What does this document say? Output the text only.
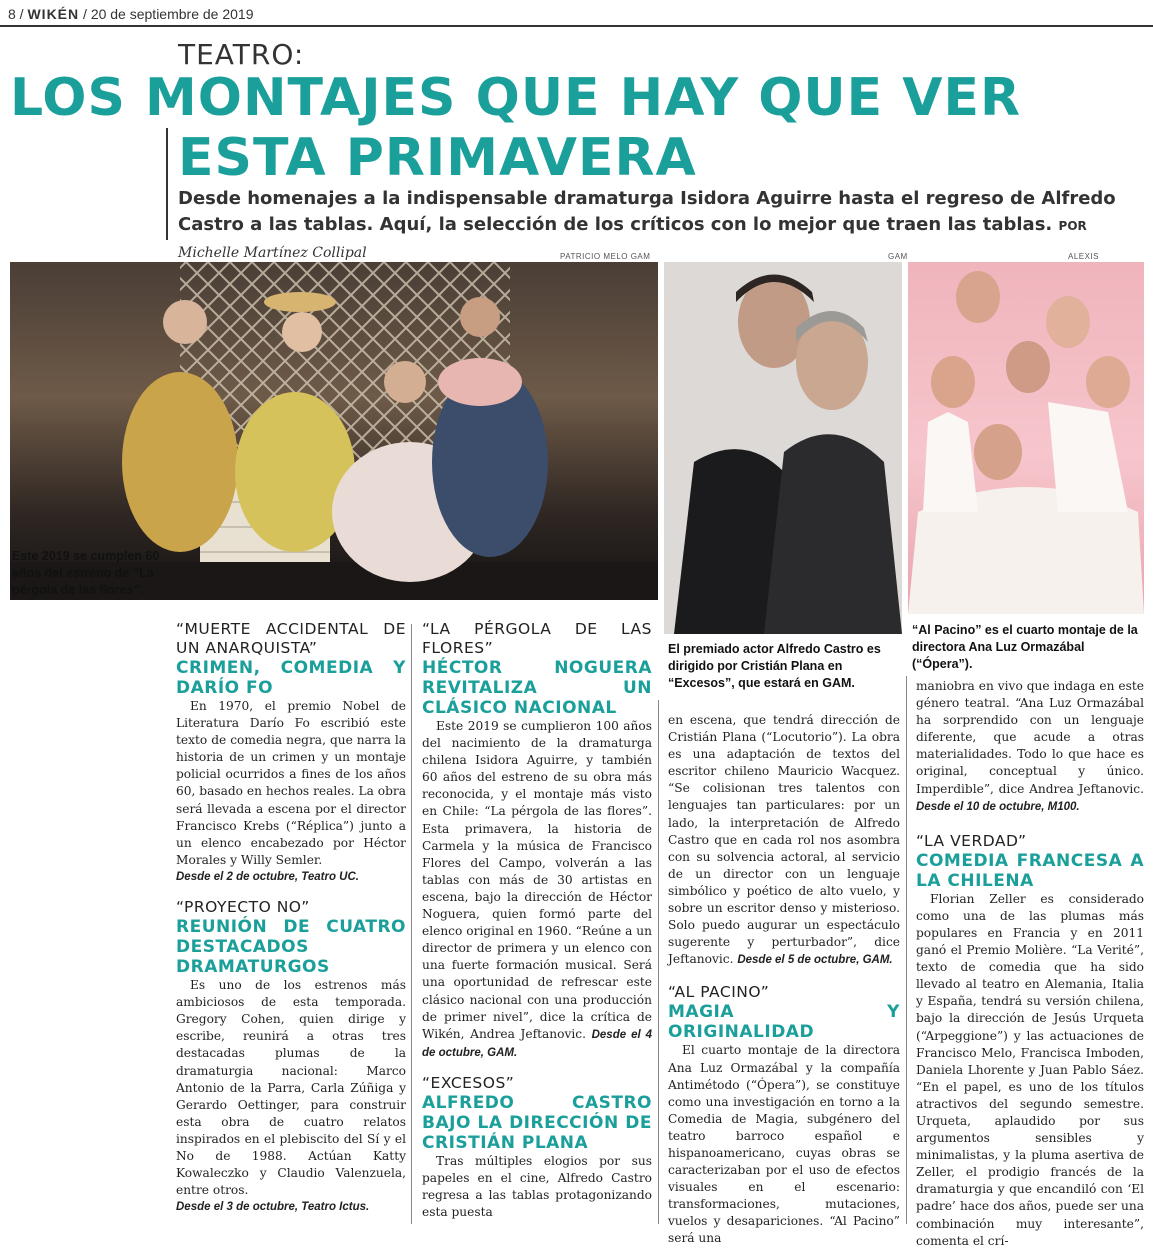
8 / WIKÉN / 20 de septiembre de 2019
TEATRO:
LOS MONTAJES QUE HAY QUE VER
ESTA PRIMAVERA
Desde homenajes a la indispensable dramaturga Isidora Aguirre hasta el regreso de Alfredo Castro a las tablas. Aquí, la selección de los críticos con lo mejor que traen las tablas. POR Michelle Martínez Collipal	PATRICIO MELO GAM	GAM	ALEXIS
Este 2019 se cumplen 60 años del estreno de “La pérgola de las flores”.
El premiado actor Alfredo Castro es dirigido por Cristián Plana en “Excesos”, que estará en GAM.
“Al Pacino” es el cuarto montaje de la directora Ana Luz Ormazábal (“Ópera”).

“MUERTE ACCIDENTAL DE UN ANARQUISTA”

CRIMEN, COMEDIA Y DARÍO FO

En 1970, el premio Nobel de Literatura Darío Fo escribió este texto de comedia negra, que narra la historia de un crimen y un montaje policial ocurridos a fines de los años 60, basado en hechos reales. La obra será llevada a escena por el director Francisco Krebs (“Réplica”) junto a un elenco encabezado por Héctor Morales y Willy Semler.

Desde el 2 de octubre, Teatro UC.

“PROYECTO NO”

REUNIÓN DE CUATRO DESTACADOS DRAMATURGOS

Es uno de los estrenos más ambiciosos de esta temporada. Gregory Cohen, quien dirige y escribe, reunirá a otras tres destacadas plumas de la dramaturgia nacional: Marco Antonio de la Parra, Carla Zúñiga y Gerardo Oettinger, para construir esta obra de cuatro relatos inspirados en el plebiscito del Sí y el No de 1988. Actúan Katty Kowaleczko y Claudio Valenzuela, entre otros.

Desde el 3 de octubre, Teatro Ictus.

“LA PÉRGOLA DE LAS FLORES”

HÉCTOR NOGUERA REVITALIZA UN CLÁSICO NACIONAL

Este 2019 se cumplieron 100 años del nacimiento de la dramaturga chilena Isidora Aguirre, y también 60 años del estreno de su obra más reconocida, y el montaje más visto en Chile: “La pérgola de las flores”. Esta primavera, la historia de Carmela y la música de Francisco Flores del Campo, volverán a las tablas con más de 30 artistas en escena, bajo la dirección de Héctor Noguera, quien formó parte del elenco original en 1960. “Reúne a un director de primera y un elenco con una fuerte formación musical. Será una oportunidad de refrescar este clásico nacional con una producción de primer nivel”, dice la crítica de Wikén, Andrea Jeftanovic. Desde el 4 de octubre, GAM.

“EXCESOS”

ALFREDO CASTRO BAJO LA DIRECCIÓN DE CRISTIÁN PLANA

Tras múltiples elogios por sus papeles en el cine, Alfredo Castro regresa a las tablas protagonizando esta puesta

en escena, que tendrá dirección de Cristián Plana (“Locutorio”). La obra es una adaptación de textos del escritor chileno Mauricio Wacquez. “Se colisionan tres talentos con lenguajes tan particulares: por un lado, la interpretación de Alfredo Castro que en cada rol nos asombra con su solvencia actoral, al servicio de un director con un lenguaje simbólico y poético de alto vuelo, y sobre un escritor denso y misterioso. Solo puedo augurar un espectáculo sugerente y perturbador”, dice Jeftanovic. Desde el 5 de octubre, GAM.

“AL PACINO”

MAGIA Y ORIGINALIDAD

El cuarto montaje de la directora Ana Luz Ormazábal y la compañía Antimétodo (“Ópera”), se constituye como una investigación en torno a la Comedia de Magia, subgénero del teatro barroco español e hispanoamericano, cuyas obras se caracterizaban por el uso de efectos visuales en el escenario: transformaciones, mutaciones, vuelos y desapariciones. “Al Pacino” será una

maniobra en vivo que indaga en este género teatral. “Ana Luz Ormazábal ha sorprendido con un lenguaje diferente, que acude a otras materialidades. Todo lo que hace es original, conceptual y único. Imperdible”, dice Andrea Jeftanovic. Desde el 10 de octubre, M100.

“LA VERDAD”

COMEDIA FRANCESA A LA CHILENA

Florian Zeller es considerado como una de las plumas más populares en Francia y en 2011 ganó el Premio Molière. “La Verité”, texto de comedia que ha sido llevado al teatro en Alemania, Italia y España, tendrá su versión chilena, bajo la dirección de Jesús Urqueta (“Arpeggione”) y las actuaciones de Francisco Melo, Francisca Imboden, Daniela Lhorente y Juan Pablo Sáez. “En el papel, es uno de los títulos atractivos del segundo semestre. Urqueta, aplaudido por sus argumentos sensibles y minimalistas, y la pluma asertiva de Zeller, el prodigio francés de la dramaturgia y que encandiló con ‘El padre’ hace dos años, puede ser una combinación muy interesante”, comenta el crí-
